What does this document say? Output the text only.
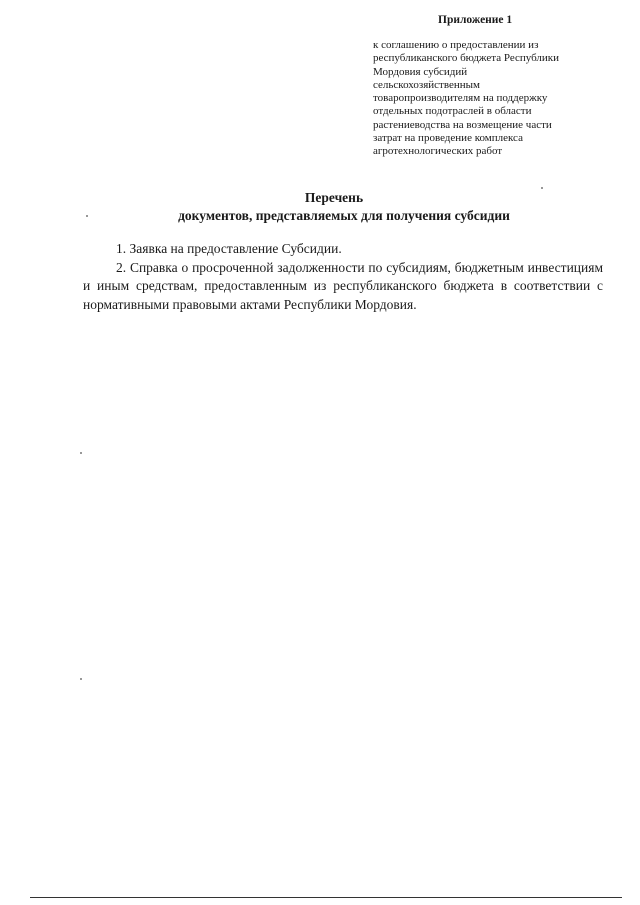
Приложение 1

к соглашению о предоставлении из

республиканского бюджета Республики

Мордовия субсидий

сельскохозяйственным

товаропроизводителям на поддержку

отдельных подотраслей в области

растениеводства на возмещение части

затрат на проведение комплекса

агротехнологических работ

Перечень
документов, представляемых для получения субсидии

1. Заявка на предоставление Субсидии.

2. Справка о просроченной задолженности по субсидиям, бюджетным инвестициям и иным средствам, предоставленным из республиканского бюджета в соответствии с нормативными правовыми актами Республики Мордовия.
